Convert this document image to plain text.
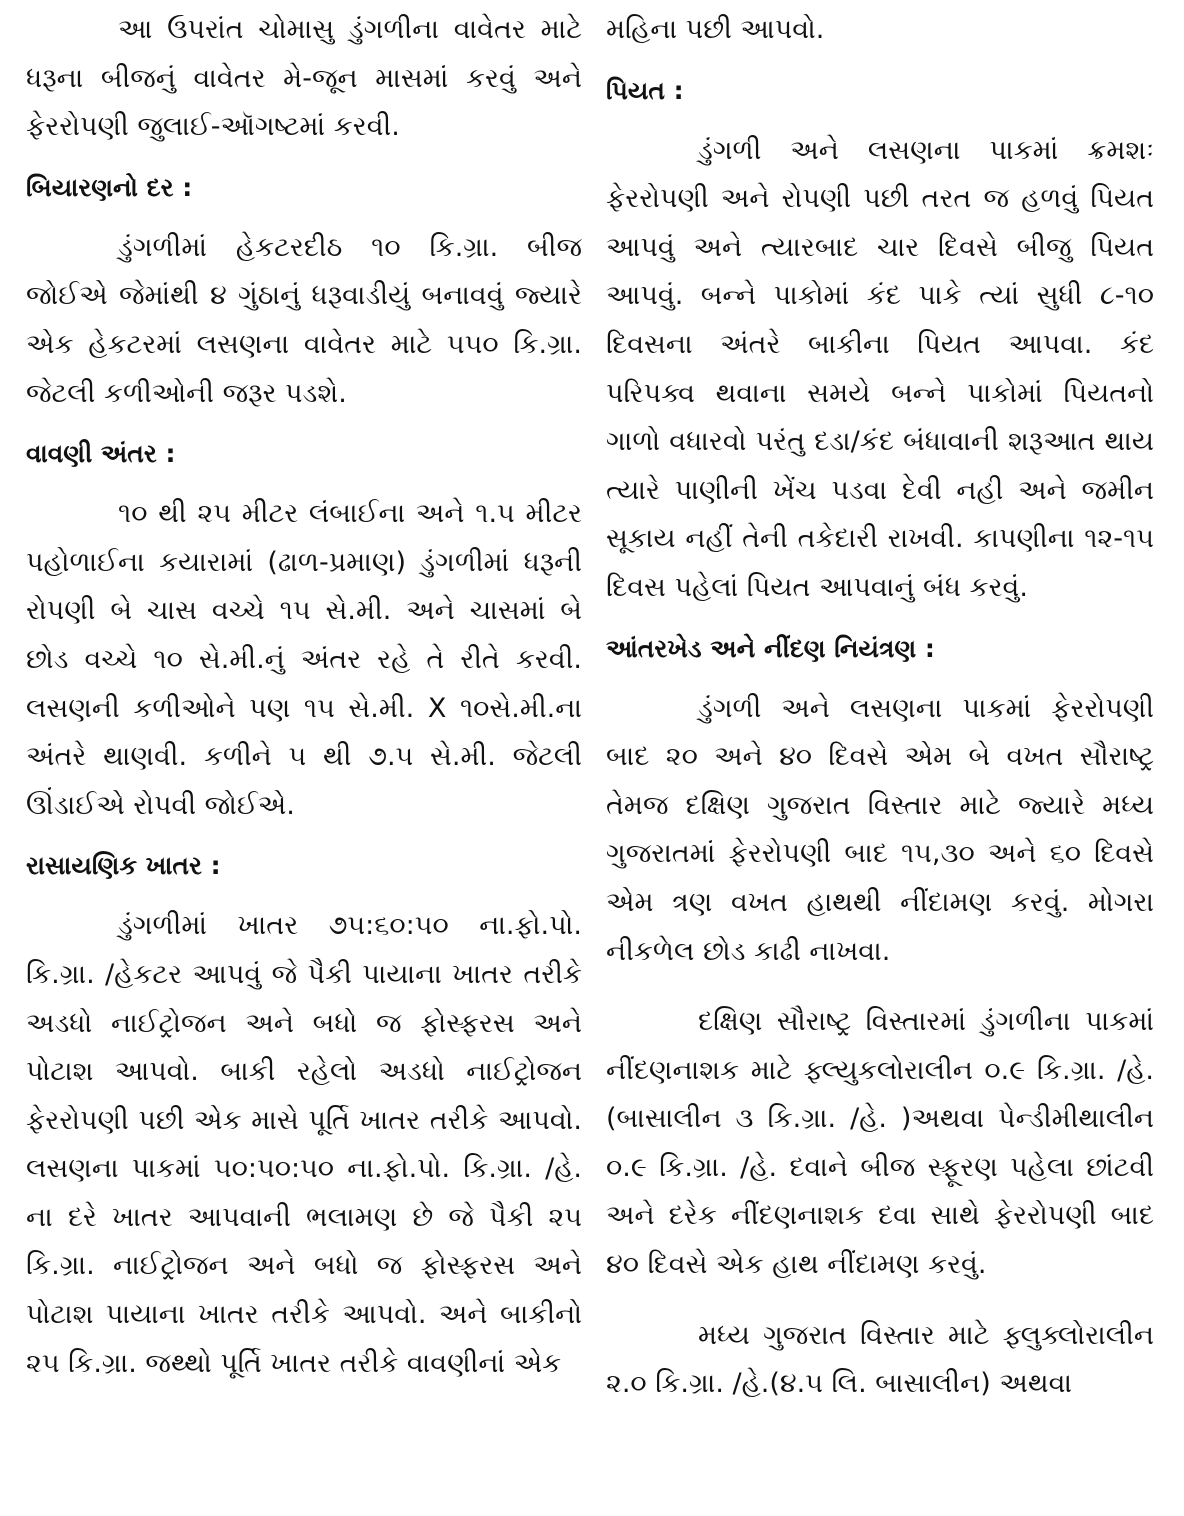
આ ઉપરાંત ચોમાસુ ડુંગળીના વાવેતર માટે ધરૂના બીજનું વાવેતર મે-જૂન માસમાં કરવું અને ફેરરોપણી જુલાઈ-ઑગષ્ટમાં કરવી.

બિયારણનો દર :

ડુંગળીમાં હેકટરદીઠ ૧૦ કિ.ગ્રા. બીજ જોઈએ જેમાંથી ૪ ગુંઠાનું ધરૂવાડીયું બનાવવું જ્યારે એક હેકટરમાં લસણના વાવેતર માટે ૫૫૦ કિ.ગ્રા. જેટલી કળીઓની જરૂર પડશે.

વાવણી અંતર :

૧૦ થી ૨૫ મીટર લંબાઈના અને ૧.૫ મીટર પહોળાઈના કયારામાં (ઢાળ-પ્રમાણ) ડુંગળીમાં ધરૂની રોપણી બે ચાસ વચ્ચે ૧૫ સે.મી. અને ચાસમાં બે છોડ વચ્ચે ૧૦ સે.મી.નું અંતર રહે તે રીતે કરવી. લસણની કળીઓને પણ ૧૫ સે.મી. X ૧૦સે.મી.ના અંતરે થાણવી. કળીને ૫ થી ૭.૫ સે.મી. જેટલી ઊંડાઈએ રોપવી જોઈએ.

રાસાયણિક ખાતર :

ડુંગળીમાં ખાતર ૭૫:૬૦:૫૦ ના.ફો.પો. કિ.ગ્રા. /હેકટર આપવું જે પૈકી પાયાના ખાતર તરીકે અડધો નાઈટ્રોજન અને બધો જ ફોસ્ફરસ અને પોટાશ આપવો. બાકી રહેલો અડધો નાઈટ્રોજન ફેરરોપણી પછી એક માસે પૂર્તિ ખાતર તરીકે આપવો. લસણના પાકમાં ૫૦:૫૦:૫૦ ના.ફો.પો. કિ.ગ્રા. /હે. ના દરે ખાતર આપવાની ભલામણ છે જે પૈકી ૨૫ કિ.ગ્રા. નાઈટ્રોજન અને બધો જ ફોસ્ફરસ અને પોટાશ પાયાના ખાતર તરીકે આપવો. અને બાકીનો ૨૫ કિ.ગ્રા. જથ્થો પૂર્તિ ખાતર તરીકે વાવણીનાં એક

મહિના પછી આપવો.

પિયત :

ડુંગળી અને લસણના પાકમાં ક્રમશઃ ફેરરોપણી અને રોપણી પછી તરત જ હળવું પિયત આપવું અને ત્યારબાદ ચાર દિવસે બીજુ પિયત આપવું. બન્ને પાકોમાં કંદ પાકે ત્યાં સુધી ૮-૧૦ દિવસના અંતરે બાકીના પિયત આપવા. કંદ પરિપક્વ થવાના સમયે બન્ને પાકોમાં પિયતનો ગાળો વધારવો પરંતુ દડા/કંદ બંધાવાની શરૂઆત થાય ત્યારે પાણીની ખેંચ પડવા દેવી નહી અને જમીન સૂકાય નહીં તેની તકેદારી રાખવી. કાપણીના ૧૨-૧૫ દિવસ પહેલાં પિયત આપવાનું બંધ કરવું.

આંતરખેડ અને નીંદણ નિયંત્રણ :

ડુંગળી અને લસણના પાકમાં ફેરરોપણી બાદ ૨૦ અને ૪૦ દિવસે એમ બે વખત સૌરાષ્ટ્ર તેમજ દક્ષિણ ગુજરાત વિસ્તાર માટે જ્યારે મધ્ય ગુજરાતમાં ફેરરોપણી બાદ ૧૫,૩૦ અને ૬૦ દિવસે એમ ત્રણ વખત હાથથી નીંદામણ કરવું. મોગરા નીકળેલ છોડ કાઢી નાખવા.

દક્ષિણ સૌરાષ્ટ્ર વિસ્તારમાં ડુંગળીના પાકમાં નીંદણનાશક માટે ફ્લ્યુકલોરાલીન ૦.૯ કિ.ગ્રા. /હે. (બાસાલીન ૩ કિ.ગ્રા. /હે. )અથવા પેન્ડીમીથાલીન ૦.૯ કિ.ગ્રા. /હે. દવાને બીજ સ્ફૂરણ પહેલા છાંટવી અને દરેક નીંદણનાશક દવા સાથે ફેરરોપણી બાદ ૪૦ દિવસે એક હાથ નીંદામણ કરવું.

મધ્ય ગુજરાત વિસ્તાર માટે ફ્લુક્લોરાલીન ૨.૦ કિ.ગ્રા. /હે.(૪.૫ લિ. બાસાલીન) અથવા
